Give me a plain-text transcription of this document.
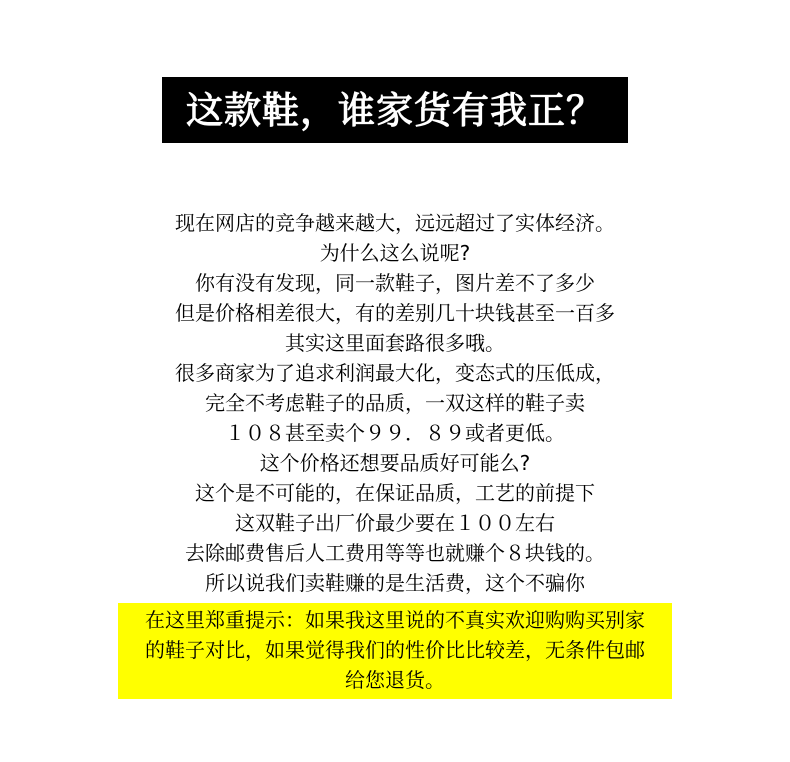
这款鞋，谁家货有我正？
现在网店的竞争越来越大，远远超过了实体经济。
为什么这么说呢?
你有没有发现，同一款鞋子，图片差不了多少
但是价格相差很大，有的差别几十块钱甚至一百多
其实这里面套路很多哦。
很多商家为了追求利润最大化，变态式的压低成，
完全不考虑鞋子的品质，一双这样的鞋子卖
１０８甚至卖个９９．８９或者更低。
这个价格还想要品质好可能么?
这个是不可能的，在保证品质，工艺的前提下
这双鞋子出厂价最少要在１００左右
去除邮费售后人工费用等等也就赚个８块钱的。
所以说我们卖鞋赚的是生活费，这个不骗你
在这里郑重提示：如果我这里说的不真实欢迎购购买别家
的鞋子对比，如果觉得我们的性价比比较差，无条件包邮
给您退货。
